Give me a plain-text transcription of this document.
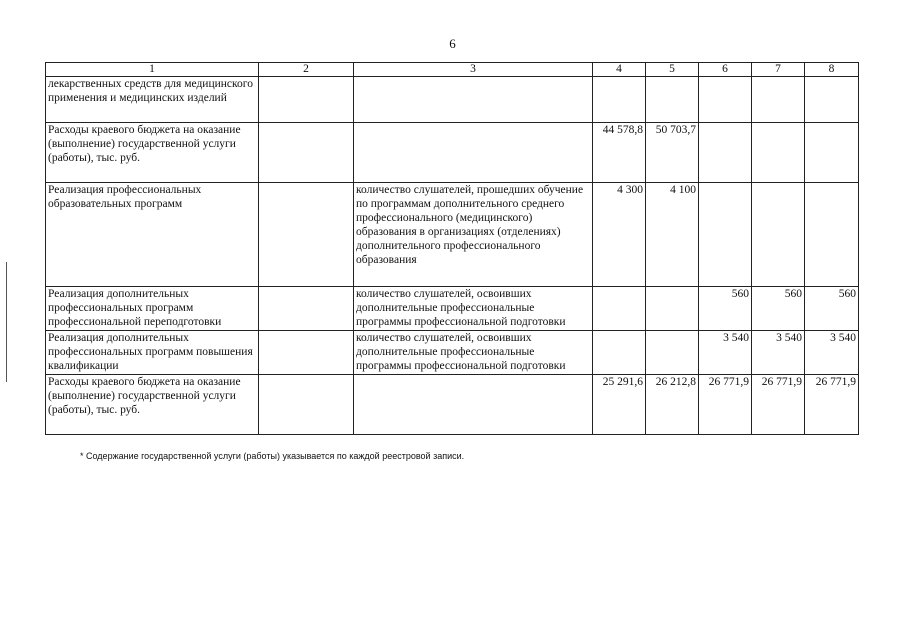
6
1	2	3	4	5	6	7	8
лекарственных средств для медицинского применения и медицинских изделий							
Расходы краевого бюджета на оказание (выполнение) государственной услуги (работы), тыс. руб.			44 578,8	50 703,7			
Реализация профессиональных образовательных программ		количество слушателей, прошедших обучение по программам дополнительного среднего профессионального (медицинского) образования в организациях (отделениях) дополнительного профессионального образования	4 300	4 100			
Реализация дополнительных профессиональных программ профессиональной переподготовки		количество слушателей, освоивших дополнительные профессиональные программы профессиональной подготовки			560	560	560
Реализация дополнительных профессиональных программ повышения квалификации		количество слушателей, освоивших дополнительные профессиональные программы профессиональной подготовки			3 540	3 540	3 540
Расходы краевого бюджета на оказание (выполнение) государственной услуги (работы), тыс. руб.			25 291,6	26 212,8	26 771,9	26 771,9	26 771,9
* Содержание государственной услуги (работы) указывается по каждой реестровой записи.
